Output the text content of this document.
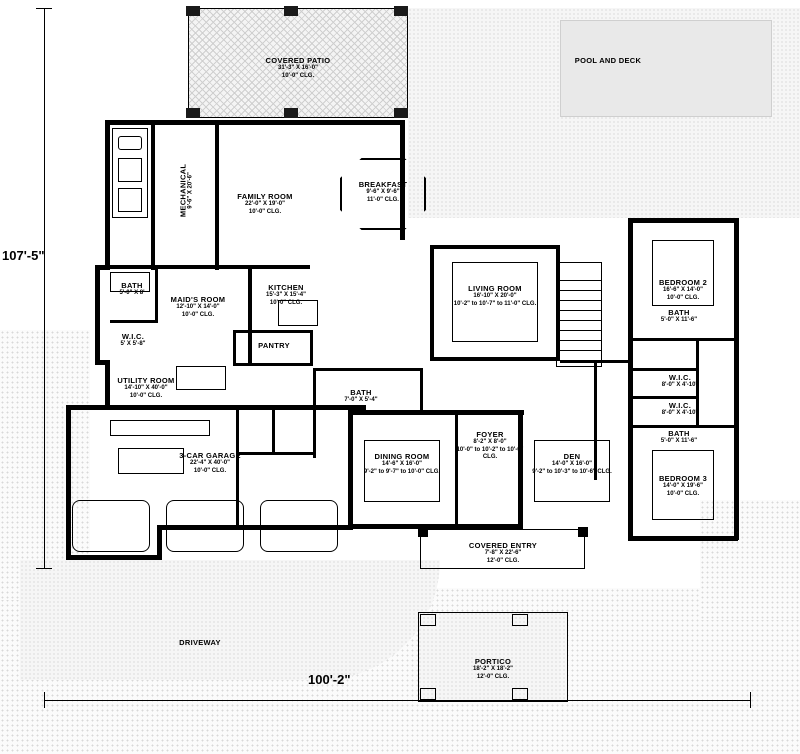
107'-5"
100'-2"
POOL AND DECK
DRIVEWAY
COVERED PATIO
31'-3" X 16'-0"
10'-0" CLG.
FAMILY ROOM
22'-0" X 19'-0"
10'-0" CLG.
MECHANICAL 9'-6" X 20'-6"	BREAKFAST
9'-6" X 9'-6"
11'-0" CLG.
LIVING ROOM
16'-10" X 20'-0"
10'-2" to 10'-7" to 11'-0" CLG.
BEDROOM 2
16'-6" X 14'-0"
10'-0" CLG.
BATH
5'-0" X 8'
MAID'S ROOM
12'-10" X 14'-0"
10'-0" CLG.
KITCHEN
15'-3" X 15'-4"
10'-0" CLG.
BATH
5'-0" X 11'-6"
W.I.C.
5' X 5'-8"	PANTRY
W.I.C.
8'-0" X 4'-10"
UTILITY ROOM
14'-10" X 40'-0"
10'-0" CLG.	BATH
7'-0" X 5'-4"
W.I.C.
8'-0" X 4'-10"
BATH
5'-0" X 11'-6"
FOYER
8'-2" X 8'-0"
10'-0" to 10'-2" to 10'-0" CLG.
3-CAR GARAGE
22'-4" X 40'-0"
10'-0" CLG.
DINING ROOM
14'-6" X 16'-0"
9'-2" to 9'-7" to 10'-0" CLG.
DEN
14'-0" X 16'-0"
9'-2" to 10'-3" to 10'-6" CLG.
BEDROOM 3
14'-0" X 19'-6"
10'-0" CLG.
COVERED ENTRY
7'-8" X 22'-6"
12'-0" CLG.
PORTICO
18'-2" X 18'-2"
12'-0" CLG.
